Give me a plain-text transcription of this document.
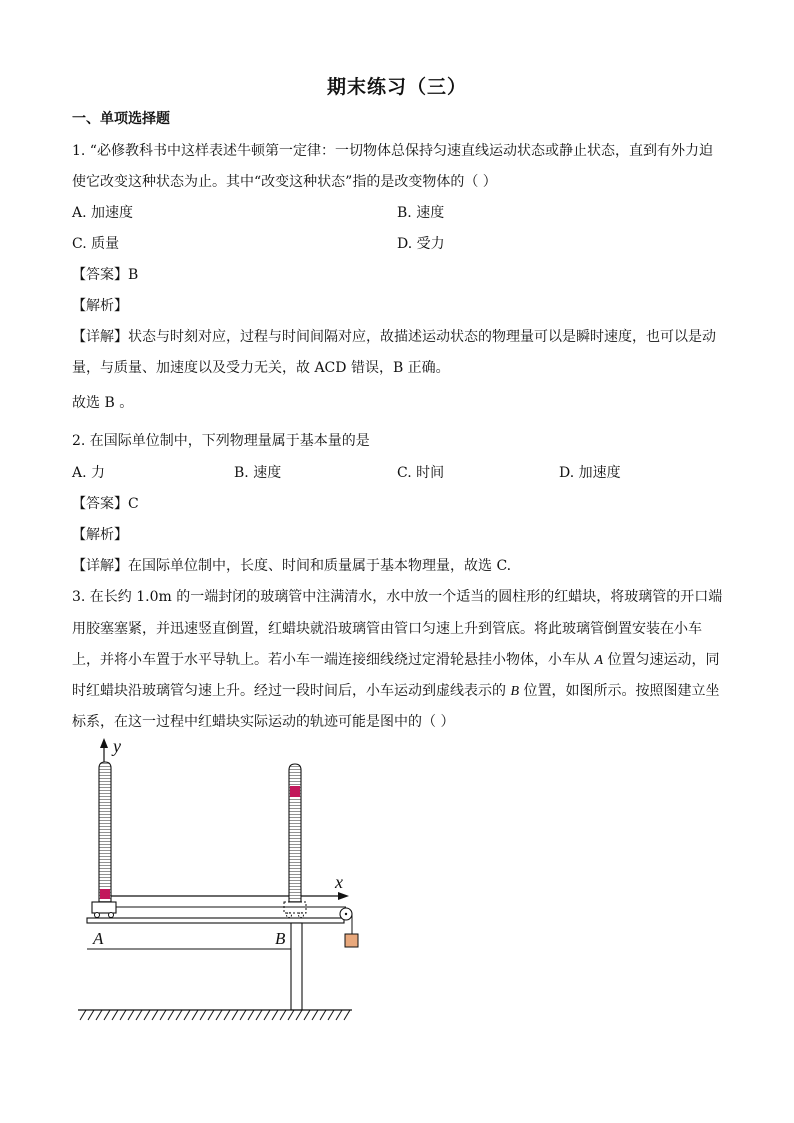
期末练习（三）
一、单项选择题
1. “必修教科书中这样表述牛顿第一定律：一切物体总保持匀速直线运动状态或静止状态，直到有外力迫
使它改变这种状态为止。其中“改变这种状态”指的是改变物体的（ ）
A. 加速度	B. 速度
C. 质量	D. 受力
【答案】B
【解析】
【详解】状态与时刻对应，过程与时间间隔对应，故描述运动状态的物理量可以是瞬时速度，也可以是动
量，与质量、加速度以及受力无关，故 ACD 错误，B 正确。
故选 B 。
2. 在国际单位制中，下列物理量属于基本量的是
A. 力	B. 速度	C. 时间	D. 加速度
【答案】C
【解析】
【详解】在国际单位制中，长度、时间和质量属于基本物理量，故选 C.
3. 在长约 1.0m 的一端封闭的玻璃管中注满清水，水中放一个适当的圆柱形的红蜡块，将玻璃管的开口端
用胶塞塞紧，并迅速竖直倒置，红蜡块就沿玻璃管由管口匀速上升到管底。将此玻璃管倒置安装在小车
上，并将小车置于水平导轨上。若小车一端连接细线绕过定滑轮悬挂小物体，小车从 A 位置匀速运动，同
时红蜡块沿玻璃管匀速上升。经过一段时间后，小车运动到虚线表示的 B 位置，如图所示。按照图建立坐
标系，在这一过程中红蜡块实际运动的轨迹可能是图中的（ ）
y
x
A	B
